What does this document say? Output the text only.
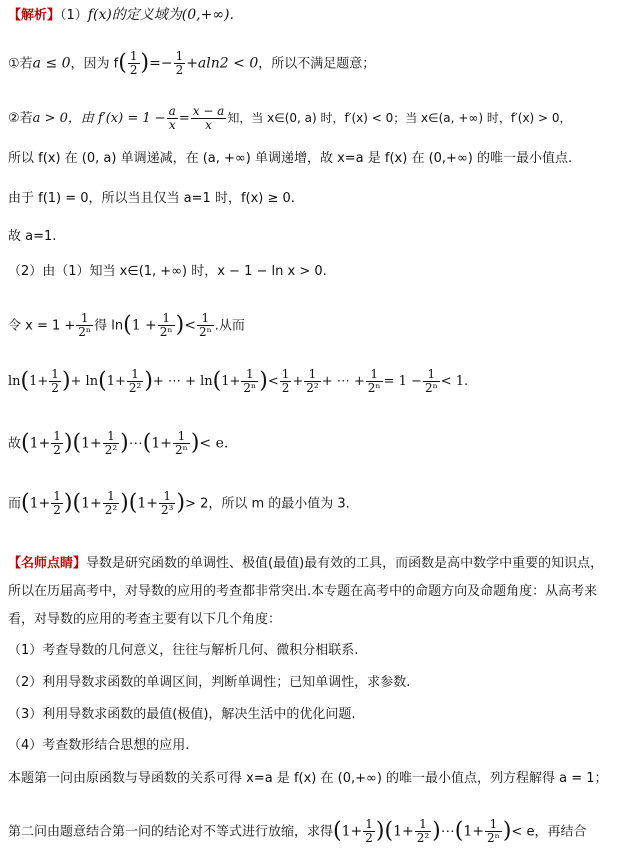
【解析】（1）f(x)的定义域为(0,+∞).
①若a ≤ 0，因为 $f( \frac{1}{2}$ )=− $\frac{1}{2} +aln2 < 0$，所以不满足题意；
②若a > 0，由 $f'(x) = 1 - \frac{a}{x} = \frac{x - a}{x}$ 知，当 x∈(0, a) 时，f′(x) < 0；当 x∈(a, +∞) 时，f′(x) > 0，
所以 f(x) 在 (0, a) 单调递减，在 (a, +∞) 单调递增，故 x=a 是 f(x) 在 (0,+∞) 的唯一最小值点.
由于 f(1) = 0，所以当且仅当 a=1 时，f(x) ≥ 0.
故 a=1.
（2）由（1）知当 x∈(1, +∞) 时，x − 1 − ln x > 0.
令 $x = 1 + \frac{1}{\text{2ⁿ}}$ 得 $\ln(1 + \frac{1}{\text{2ⁿ}}$ )< $\frac{1}{\text{2ⁿ}}$ .从而
$\ln(1+ \frac{1}{2}$ )+ $\ln(1+ \frac{1}{\text{2²}}$ )+ ⋯ + $\ln(1+ \frac{1}{\text{2ⁿ}}$ )< $\frac{1}{2} + \frac{1}{\text{2²}}$ + ⋯ + $\frac{1}{\text{2ⁿ}} = 1 - \frac{1}{\text{2ⁿ}} < 1$.
故$(1+ \frac{1}{2} )(1+ \frac{1}{\text{2²}}$ )⋯(1+ $\frac{1}{\text{2ⁿ}}$ )< e.
而$(1+ \frac{1}{2} )(1+ \frac{1}{\text{2²}} )(1+ \frac{1}{\text{2³}}$ )> 2，所以 m 的最小值为 3.
【名师点睛】导数是研究函数的单调性、极值(最值)最有效的工具，而函数是高中数学中重要的知识点，
所以在历届高考中，对导数的应用的考查都非常突出.本专题在高考中的命题方向及命题角度：从高考来
看，对导数的应用的考查主要有以下几个角度：
（1）考查导数的几何意义，往往与解析几何、微积分相联系.
（2）利用导数求函数的单调区间，判断单调性；已知单调性，求参数.
（3）利用导数求函数的最值(极值)，解决生活中的优化问题.
（4）考查数形结合思想的应用.
本题第一问由原函数与导函数的关系可得 x=a 是 f(x) 在 (0,+∞) 的唯一最小值点，列方程解得 a = 1；
第二问由题意结合第一问的结论对不等式进行放缩，求得$(1+ \frac{1}{2} )(1+ \frac{1}{\text{2²}}$ )⋯(1+ $\frac{1}{\text{2ⁿ}}$ )< e，再结合
